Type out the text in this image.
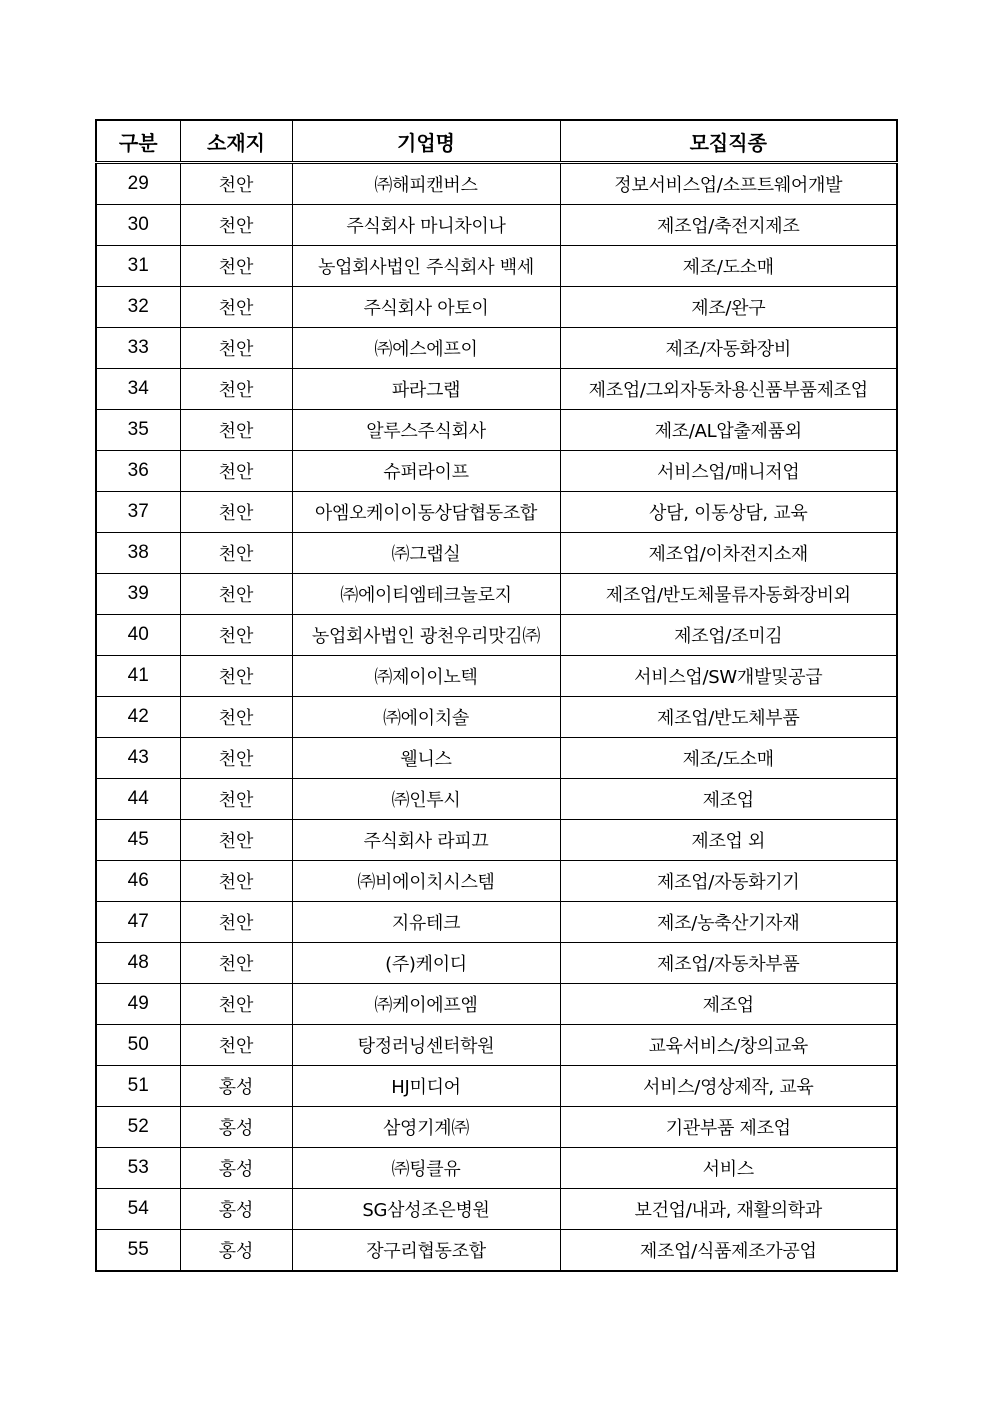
구분	소재지	기업명	모집직종
29	천안	㈜해피캔버스	정보서비스업/소프트웨어개발
30	천안	주식회사 마니차이나	제조업/축전지제조
31	천안	농업회사법인 주식회사 백세	제조/도소매
32	천안	주식회사 아토이	제조/완구
33	천안	㈜에스에프이	제조/자동화장비
34	천안	파라그랩	제조업/그외자동차용신품부품제조업
35	천안	알루스주식회사	제조/AL압출제품외
36	천안	슈퍼라이프	서비스업/매니저업
37	천안	아엠오케이이동상담협동조합	상담, 이동상담, 교육
38	천안	㈜그랩실	제조업/이차전지소재
39	천안	㈜에이티엠테크놀로지	제조업/반도체물류자동화장비외
40	천안	농업회사법인 광천우리맛김㈜	제조업/조미김
41	천안	㈜제이이노텍	서비스업/SW개발및공급
42	천안	㈜에이치솔	제조업/반도체부품
43	천안	웰니스	제조/도소매
44	천안	㈜인투시	제조업
45	천안	주식회사 라피끄	제조업 외
46	천안	㈜비에이치시스템	제조업/자동화기기
47	천안	지유테크	제조/농축산기자재
48	천안	(주)케이디	제조업/자동차부품
49	천안	㈜케이에프엠	제조업
50	천안	탕정러닝센터학원	교육서비스/창의교육
51	홍성	HJ미디어	서비스/영상제작, 교육
52	홍성	삼영기계㈜	기관부품 제조업
53	홍성	㈜팅클유	서비스
54	홍성	SG삼성조은병원	보건업/내과, 재활의학과
55	홍성	장구리협동조합	제조업/식품제조가공업
